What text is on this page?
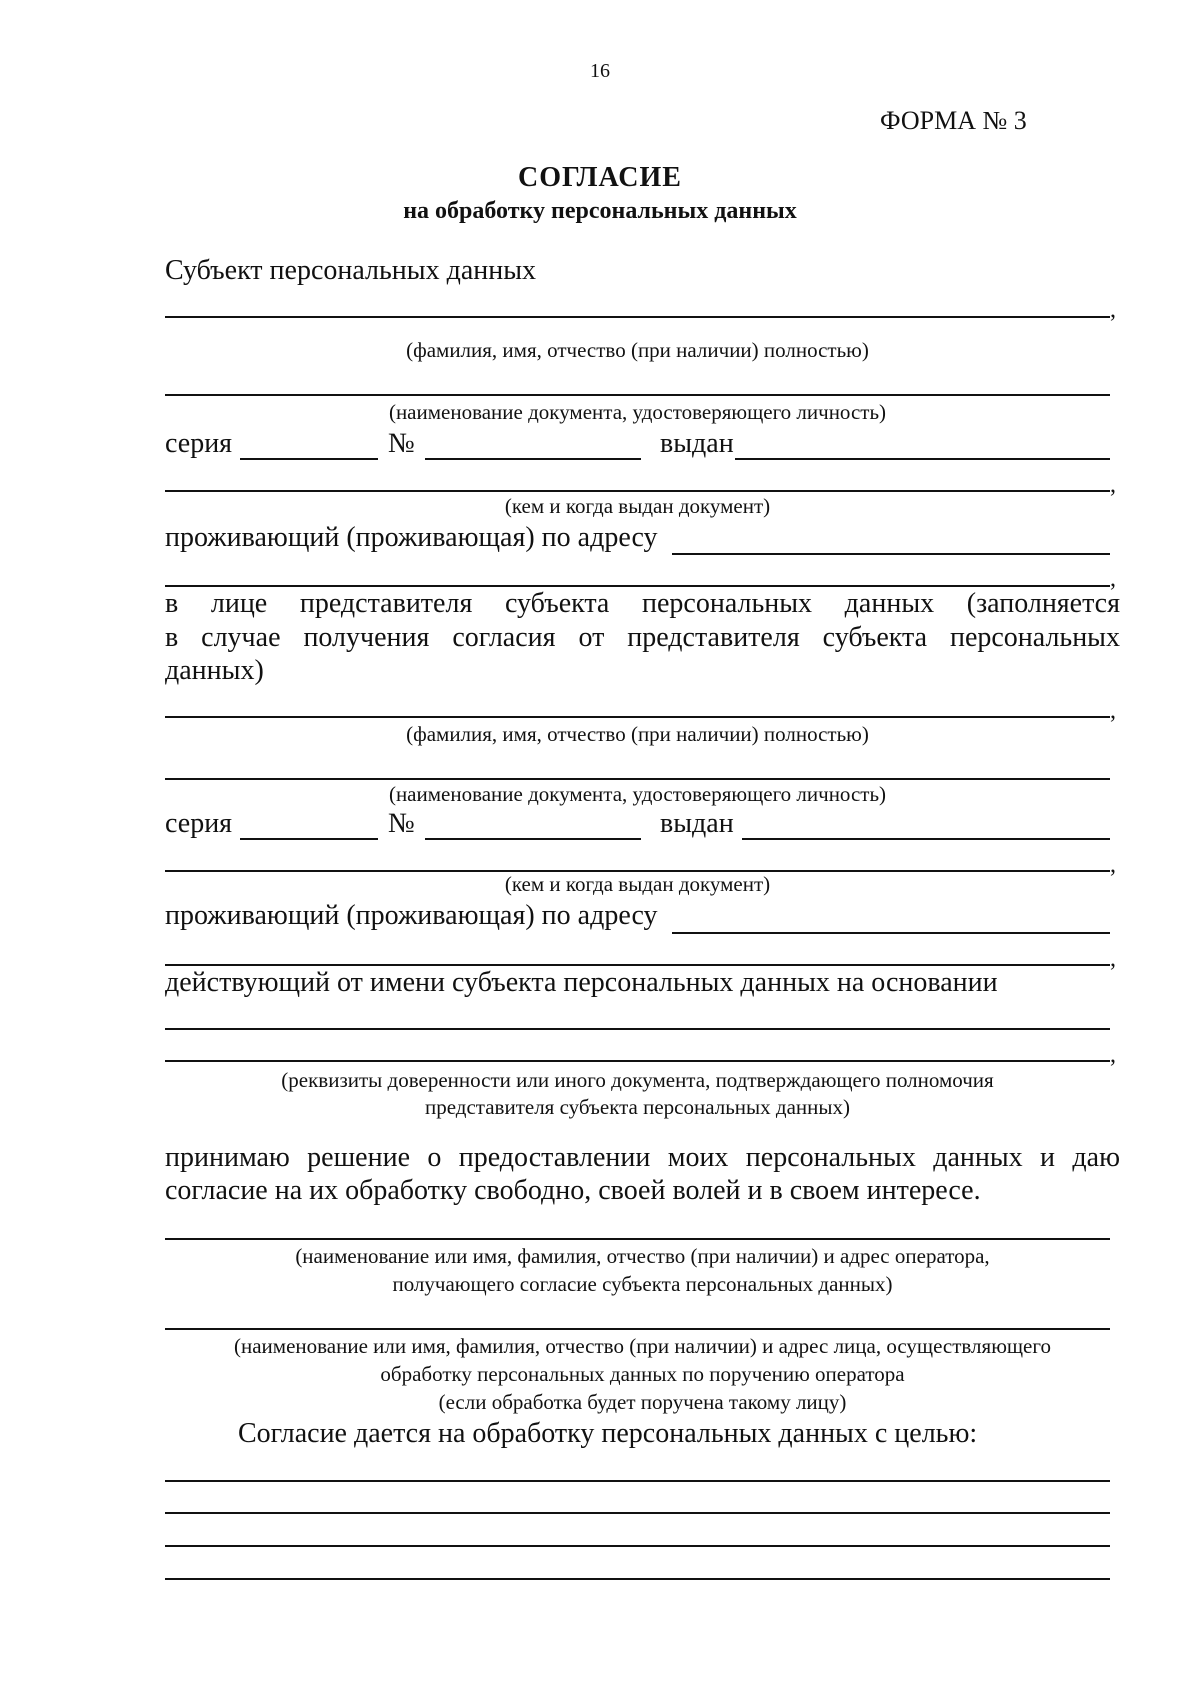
16
ФОРМА № 3
СОГЛАСИЕ
на обработку персональных данных
Субъект персональных данных
,
(фамилия, имя, отчество (при наличии) полностью)
(наименование документа, удостоверяющего личность)
серия	№	выдан
,
(кем и когда выдан документ)
проживающий (проживающая) по адресу
,
в лице представителя субъекта персональных данных (заполняется
в случае получения согласия от представителя субъекта персональных
данных)
,
(фамилия, имя, отчество (при наличии) полностью)
(наименование документа, удостоверяющего личность)
серия	№	выдан
,
(кем и когда выдан документ)
проживающий (проживающая) по адресу
,
действующий от имени субъекта персональных данных на основании
,
(реквизиты доверенности или иного документа, подтверждающего полномочия
представителя субъекта персональных данных)
принимаю решение о предоставлении моих персональных данных и даю
согласие на их обработку свободно, своей волей и в своем интересе.
(наименование или имя, фамилия, отчество (при наличии) и адрес оператора,
получающего согласие субъекта персональных данных)
(наименование или имя, фамилия, отчество (при наличии) и адрес лица, осуществляющего
обработку персональных данных по поручению оператора
(если обработка будет поручена такому лицу)
Согласие дается на обработку персональных данных с целью:
